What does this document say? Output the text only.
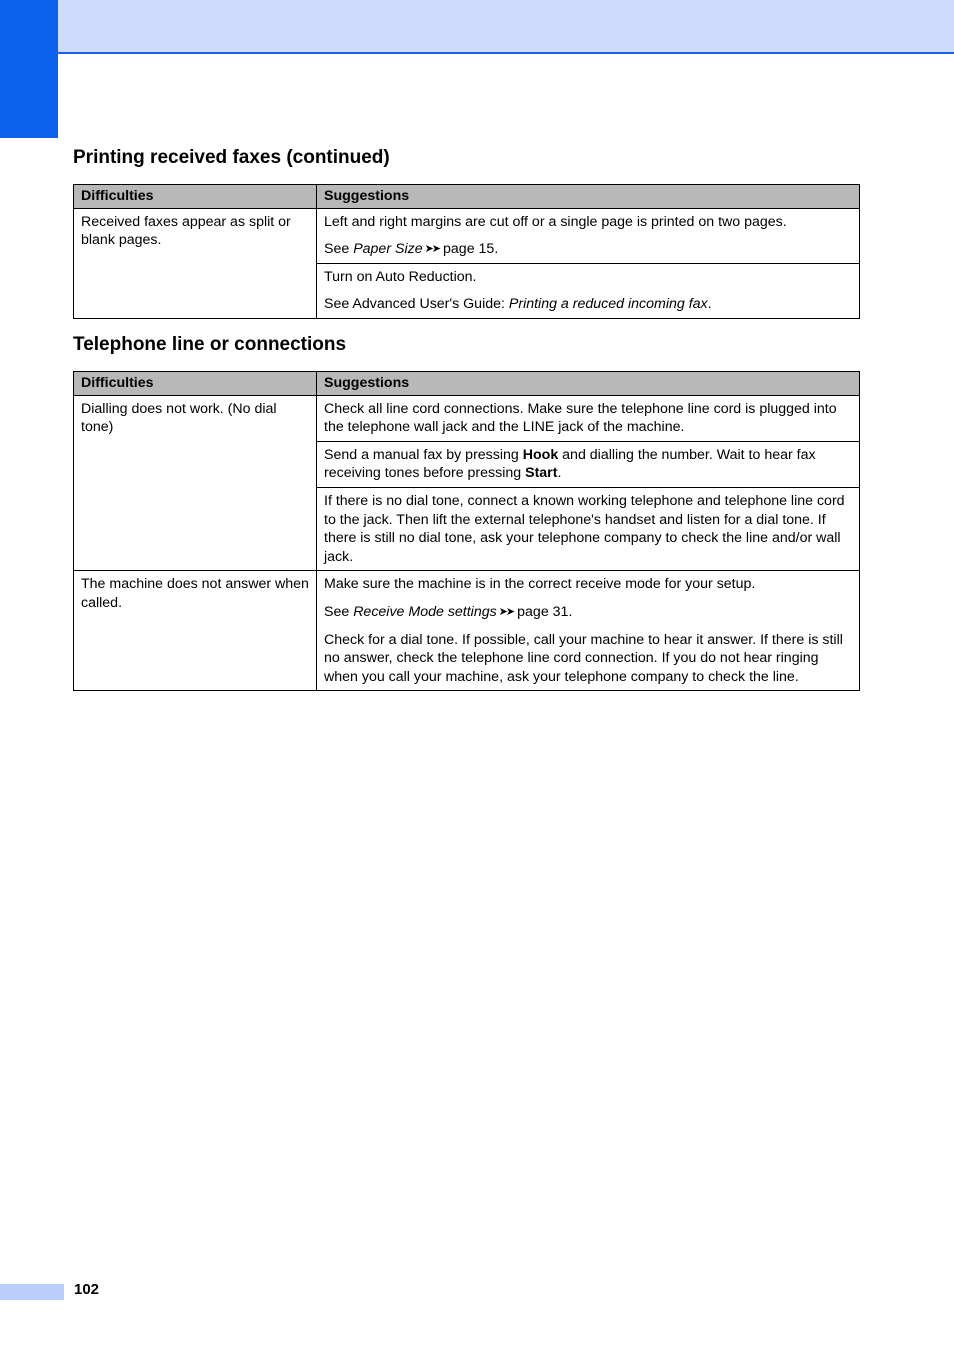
Printing received faxes (continued)
Difficulties	Suggestions
Received faxes appear as split or blank pages.	Left and right margins are cut off or a single page is printed on two pages.

See Paper Size ➤➤ page 15.

	Turn on Auto Reduction.

See Advanced User's Guide: Printing a reduced incoming fax.

Telephone line or connections
Difficulties	Suggestions
Dialling does not work. (No dial tone)	Check all line cord connections. Make sure the telephone line cord is plugged into the telephone wall jack and the LINE jack of the machine.

	Send a manual fax by pressing Hook and dialling the number. Wait to hear fax receiving tones before pressing Start.

	If there is no dial tone, connect a known working telephone and telephone line cord to the jack. Then lift the external telephone's handset and listen for a dial tone. If there is still no dial tone, ask your telephone company to check the line and/or wall jack.

The machine does not answer when called.	Make sure the machine is in the correct receive mode for your setup.

See Receive Mode settings ➤➤ page 31.

Check for a dial tone. If possible, call your machine to hear it answer. If there is still no answer, check the telephone line cord connection. If you do not hear ringing when you call your machine, ask your telephone company to check the line.

102
